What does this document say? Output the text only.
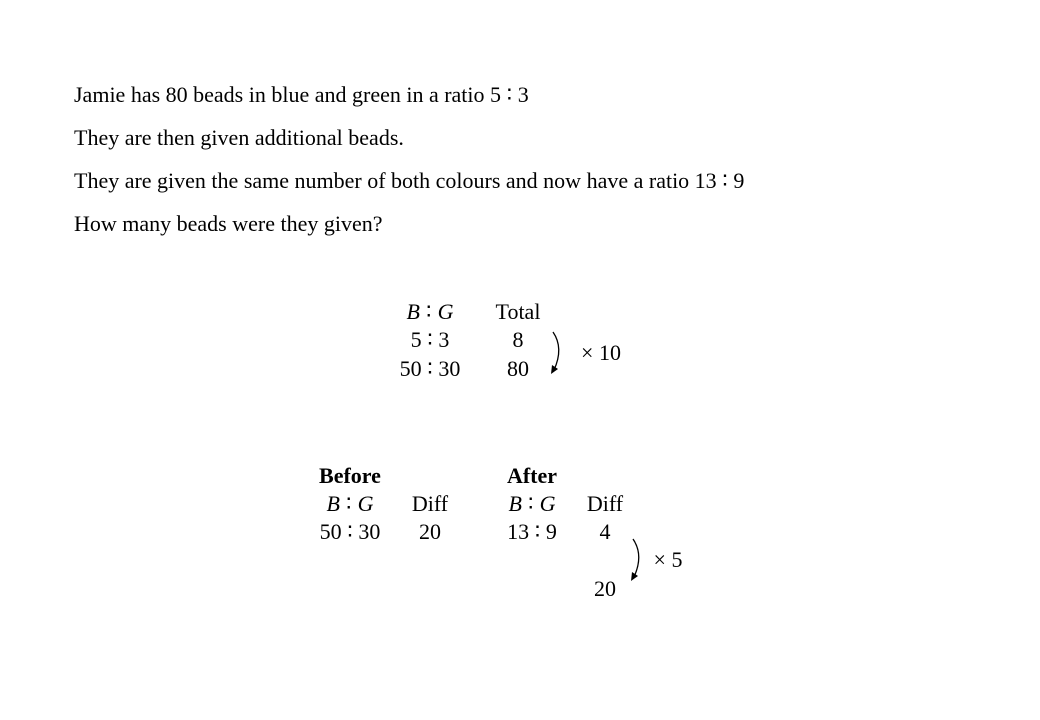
Jamie has 80 beads in blue and green in a ratio 5 ∶ 3

They are then given additional beads.

They are given the same number of both colours and now have a ratio 13 ∶ 9

How many beads were they given?

B ∶ G Total
5 ∶ 3	8
50 ∶ 30 80
× 10
Before
B ∶ G Diff
50 ∶ 30 20
After
B ∶ G Diff
13 ∶ 9 4
× 5
20
